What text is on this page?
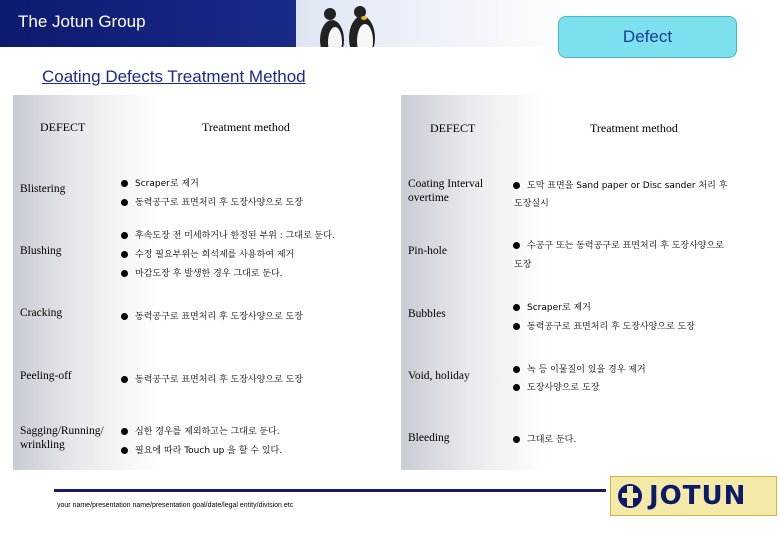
The Jotun Group
Defect
Coating Defects Treatment Method
DEFECT	Treatment method
Blistering	Scraper로 제거
동력공구로 표면처리 후 도장사양으로 도장
Blushing
후속도장 전 미세하거나 한정된 부위 : 그대로 둔다.
수정 필요부위는 희석제를 사용하여 제거
마감도장 후 발생한 경우 그대로 둔다.
Cracking	동력공구로 표면처리 후 도장사양으로 도장
Peeling-off	동력공구로 표면처리 후 도장사양으로 도장
Sagging/Running/ wrinkling
심한 경우를 제외하고는 그대로 둔다.
필요에 따라 Touch up 을 할 수 있다.
DEFECT	Treatment method
Coating Interval overtime
도막 표면을 Sand paper or Disc sander 처리 후
도장실시
Pin-hole	수공구 또는 동력공구로 표면처리 후 도장사양으로
도장
Bubbles	Scraper로 제거
동력공구로 표면처리 후 도장사양으로 도장
Void, holiday	녹 등 이물질이 있을 경우 제거
도장사양으로 도장
Bleeding	그대로 둔다.
your name/presentation name/presentation goal/date/legal entity/division etc	JOTUN
